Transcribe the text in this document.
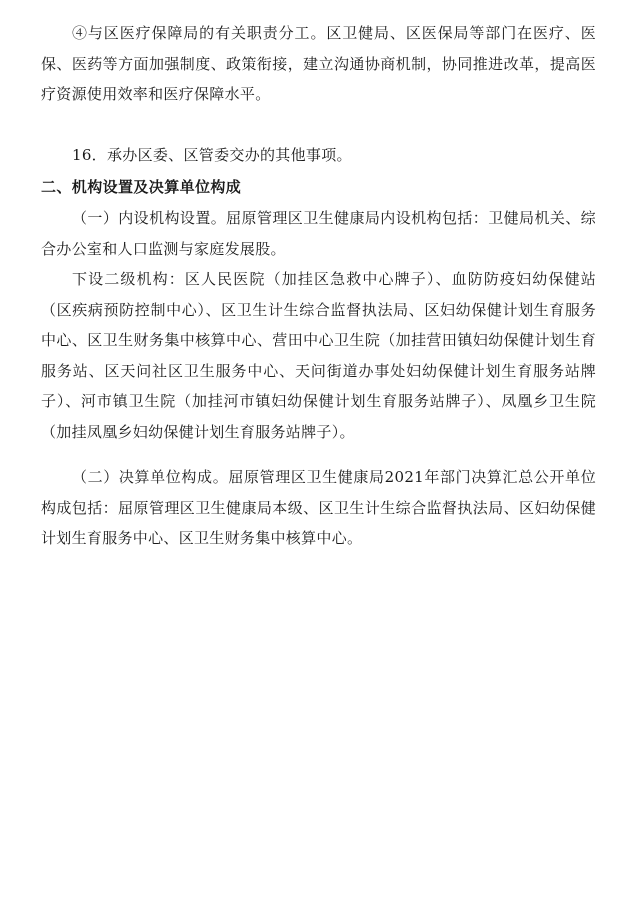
④与区医疗保障局的有关职责分工。区卫健局、区医保局等部门在医疗、医保、医药等方面加强制度、政策衔接，建立沟通协商机制，协同推进改革，提高医疗资源使用效率和医疗保障水平。

16．承办区委、区管委交办的其他事项。

二、机构设置及决算单位构成

（一）内设机构设置。屈原管理区卫生健康局内设机构包括：卫健局机关、综合办公室和人口监测与家庭发展股。

下设二级机构：区人民医院（加挂区急救中心牌子）、血防防疫妇幼保健站（区疾病预防控制中心）、区卫生计生综合监督执法局、区妇幼保健计划生育服务中心、区卫生财务集中核算中心、营田中心卫生院（加挂营田镇妇幼保健计划生育服务站、区天问社区卫生服务中心、天问街道办事处妇幼保健计划生育服务站牌子）、河市镇卫生院（加挂河市镇妇幼保健计划生育服务站牌子）、凤凰乡卫生院（加挂凤凰乡妇幼保健计划生育服务站牌子）。

（二）决算单位构成。屈原管理区卫生健康局2021年部门决算汇总公开单位构成包括：屈原管理区卫生健康局本级、区卫生计生综合监督执法局、区妇幼保健计划生育服务中心、区卫生财务集中核算中心。
